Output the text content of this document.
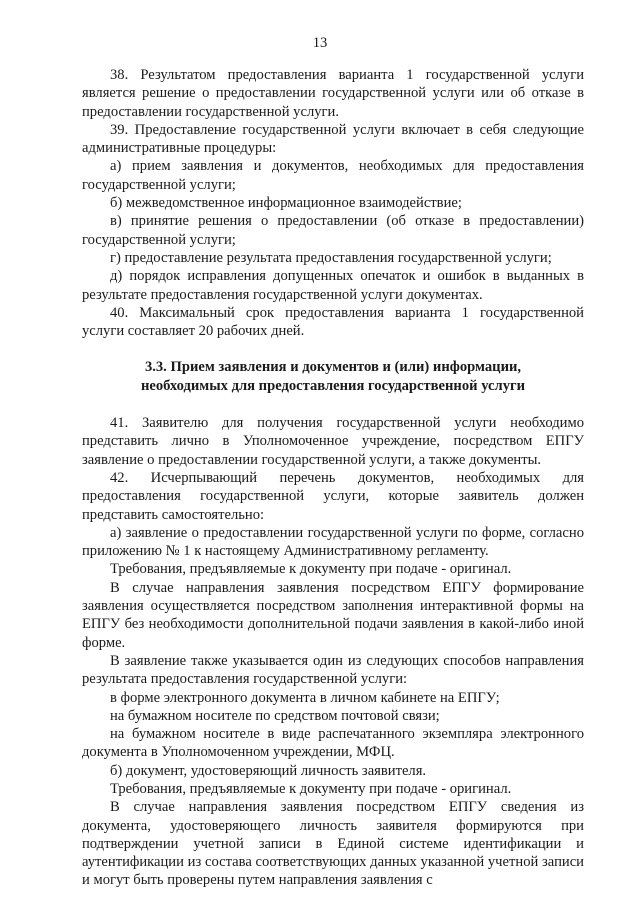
13

38. Результатом предоставления варианта 1 государственной услуги является решение о предоставлении государственной услуги или об отказе в предоставлении государственной услуги.

39. Предоставление государственной услуги включает в себя следующие административные процедуры:

а) прием заявления и документов, необходимых для предоставления государственной услуги;

б) межведомственное информационное взаимодействие;

в) принятие решения о предоставлении (об отказе в предоставлении) государственной услуги;

г) предоставление результата предоставления государственной услуги;

д) порядок исправления допущенных опечаток и ошибок в выданных в результате предоставления государственной услуги документах.

40. Максимальный срок предоставления варианта 1 государственной услуги составляет 20 рабочих дней.

3.3. Прием заявления и документов и (или) информации,
необходимых для предоставления государственной услуги

41. Заявителю для получения государственной услуги необходимо представить лично в Уполномоченное учреждение, посредством ЕПГУ заявление о предоставлении государственной услуги, а также документы.

42. Исчерпывающий перечень документов, необходимых для предоставления государственной услуги, которые заявитель должен представить самостоятельно:

а) заявление о предоставлении государственной услуги по форме, согласно приложению № 1 к настоящему Административному регламенту.

Требования, предъявляемые к документу при подаче - оригинал.

В случае направления заявления посредством ЕПГУ формирование заявления осуществляется посредством заполнения интерактивной формы на ЕПГУ без необходимости дополнительной подачи заявления в какой-либо иной форме.

В заявление также указывается один из следующих способов направления результата предоставления государственной услуги:

в форме электронного документа в личном кабинете на ЕПГУ;

на бумажном носителе по средством почтовой связи;

на бумажном носителе в виде распечатанного экземпляра электронного документа в Уполномоченном учреждении, МФЦ.

б) документ, удостоверяющий личность заявителя.

Требования, предъявляемые к документу при подаче - оригинал.

В случае направления заявления посредством ЕПГУ сведения из документа, удостоверяющего личность заявителя формируются при подтверждении учетной записи в Единой системе идентификации и аутентификации из состава соответствующих данных указанной учетной записи и могут быть проверены путем направления заявления с
